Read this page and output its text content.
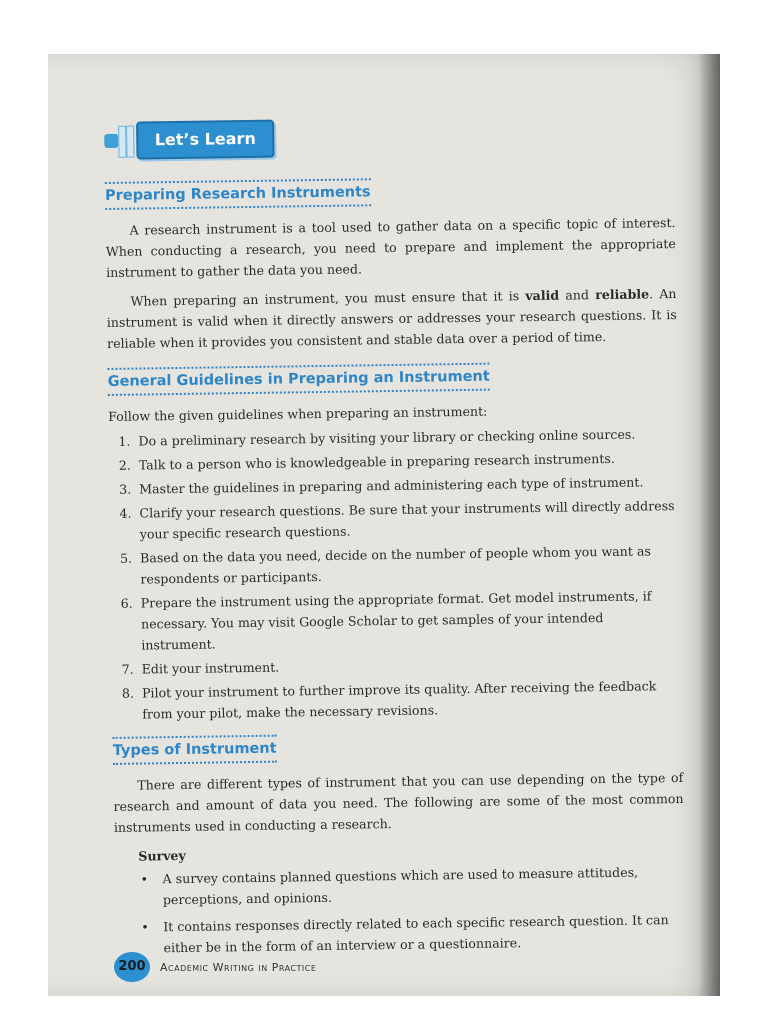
Let’s Learn
Preparing Research Instruments

A research instrument is a tool used to gather data on a specific topic of interest. When conducting a research, you need to prepare and implement the appropriate instrument to gather the data you need.

When preparing an instrument, you must ensure that it is valid and reliable. An instrument is valid when it directly answers or addresses your research questions. It is reliable when it provides you consistent and stable data over a period of time.

General Guidelines in Preparing an Instrument

Follow the given guidelines when preparing an instrument:

1. Do a preliminary research by visiting your library or checking online sources.
2. Talk to a person who is knowledgeable in preparing research instruments.
3. Master the guidelines in preparing and administering each type of instrument.
4. Clarify your research questions. Be sure that your instruments will directly address your specific research questions.
5. Based on the data you need, decide on the number of people whom you want as respondents or participants.
6. Prepare the instrument using the appropriate format. Get model instruments, if necessary. You may visit Google Scholar to get samples of your intended instrument.
7. Edit your instrument.
8. Pilot your instrument to further improve its quality. After receiving the feedback from your pilot, make the necessary revisions.
Types of Instrument

There are different types of instrument that you can use depending on the type of research and amount of data you need. The following are some of the most common instruments used in conducting a research.

Survey
• A survey contains planned questions which are used to measure attitudes, perceptions, and opinions.
• It contains responses directly related to each specific research question. It can either be in the form of an interview or a questionnaire.
200	Academic Writing in Practice
